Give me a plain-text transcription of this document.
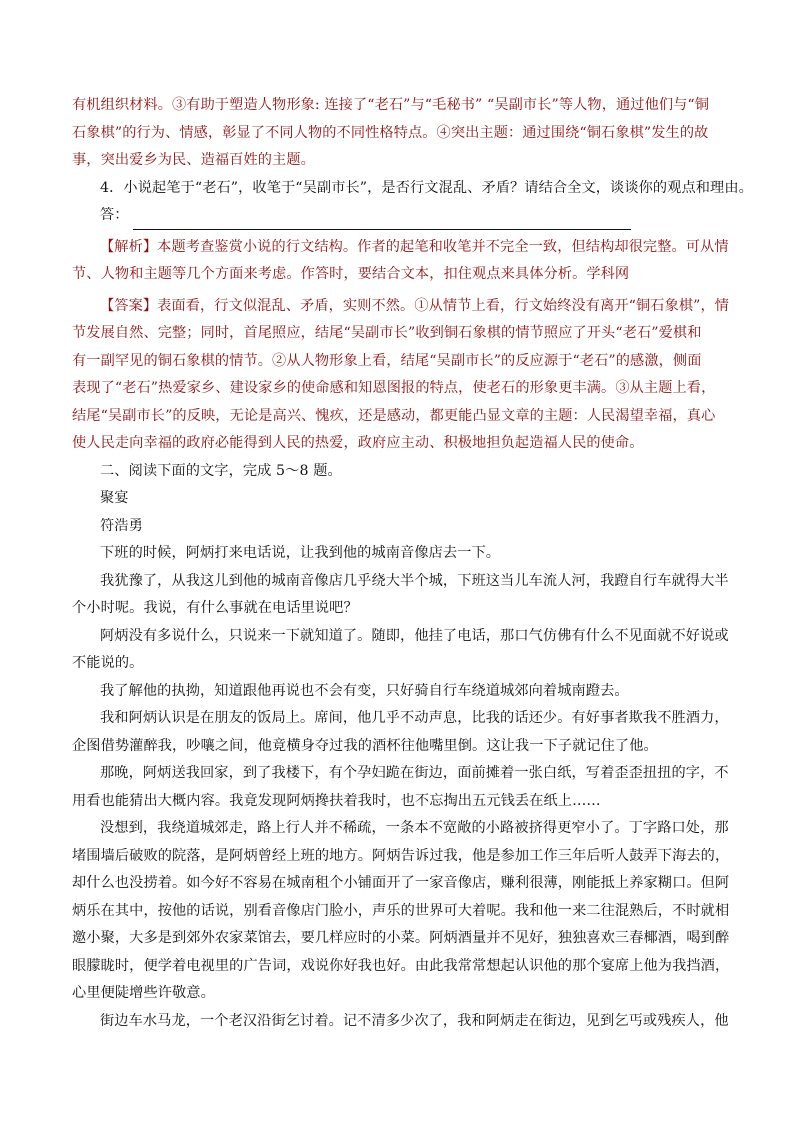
有机组织材料。③有助于塑造人物形象: 连接了“老石”与“毛秘书” “吴副市长”等人物，通过他们与“铜
石象棋”的行为、情感，彰显了不同人物的不同性格特点。④突出主题：通过围绕“铜石象棋”发生的故
事，突出爱乡为民、造福百姓的主题。
4．小说起笔于“老石”，收笔于“吴副市长”，是否行文混乱、矛盾？请结合全文，谈谈你的观点和理由。
答：
【解析】本题考查鉴赏小说的行文结构。作者的起笔和收笔并不完全一致，但结构却很完整。可从情
节、人物和主题等几个方面来考虑。作答时，要结合文本，扣住观点来具体分析。学科网
【答案】表面看，行文似混乱、矛盾，实则不然。①从情节上看，行文始终没有离开“铜石象棋”，情
节发展自然、完整；同时，首尾照应，结尾“吴副市长”收到铜石象棋的情节照应了开头“老石”爱棋和
有一副罕见的铜石象棋的情节。②从人物形象上看，结尾“吴副市长”的反应源于“老石”的感激，侧面
表现了“老石”热爱家乡、建设家乡的使命感和知恩图报的特点，使老石的形象更丰满。③从主题上看，
结尾“吴副市长”的反映，无论是高兴、愧疚，还是感动，都更能凸显文章的主题：人民渴望幸福，真心
使人民走向幸福的政府必能得到人民的热爱，政府应主动、积极地担负起造福人民的使命。
二、阅读下面的文字，完成 5～8 题。
聚宴
符浩勇
下班的时候，阿炳打来电话说，让我到他的城南音像店去一下。
我犹豫了，从我这儿到他的城南音像店几乎绕大半个城，下班这当儿车流人河，我蹬自行车就得大半
个小时呢。我说，有什么事就在电话里说吧？
阿炳没有多说什么，只说来一下就知道了。随即，他挂了电话，那口气仿佛有什么不见面就不好说或
不能说的。
我了解他的执拗，知道跟他再说也不会有变，只好骑自行车绕道城郊向着城南蹬去。
我和阿炳认识是在朋友的饭局上。席间，他几乎不动声息，比我的话还少。有好事者欺我不胜酒力，
企图借势灌醉我，吵嚷之间，他竟横身夺过我的酒杯往他嘴里倒。这让我一下子就记住了他。
那晚，阿炳送我回家，到了我楼下，有个孕妇跪在街边，面前摊着一张白纸，写着歪歪扭扭的字，不
用看也能猜出大概内容。我竟发现阿炳搀扶着我时，也不忘掏出五元钱丢在纸上……
没想到，我绕道城郊走，路上行人并不稀疏，一条本不宽敞的小路被挤得更窄小了。丁字路口处，那
堵围墙后破败的院落，是阿炳曾经上班的地方。阿炳告诉过我，他是参加工作三年后听人鼓弄下海去的，
却什么也没捞着。如今好不容易在城南租个小铺面开了一家音像店，赚利很薄，刚能抵上养家糊口。但阿
炳乐在其中，按他的话说，别看音像店门脸小，声乐的世界可大着呢。我和他一来二往混熟后，不时就相
邀小聚，大多是到郊外农家菜馆去，要几样应时的小菜。阿炳酒量并不见好，独独喜欢三春椰酒，喝到醉
眼朦眬时，便学着电视里的广告词，戏说你好我也好。由此我常常想起认识他的那个宴席上他为我挡酒，
心里便陡增些许敬意。
街边车水马龙，一个老汉沿街乞讨着。记不清多少次了，我和阿炳走在街边，见到乞丐或残疾人，他
